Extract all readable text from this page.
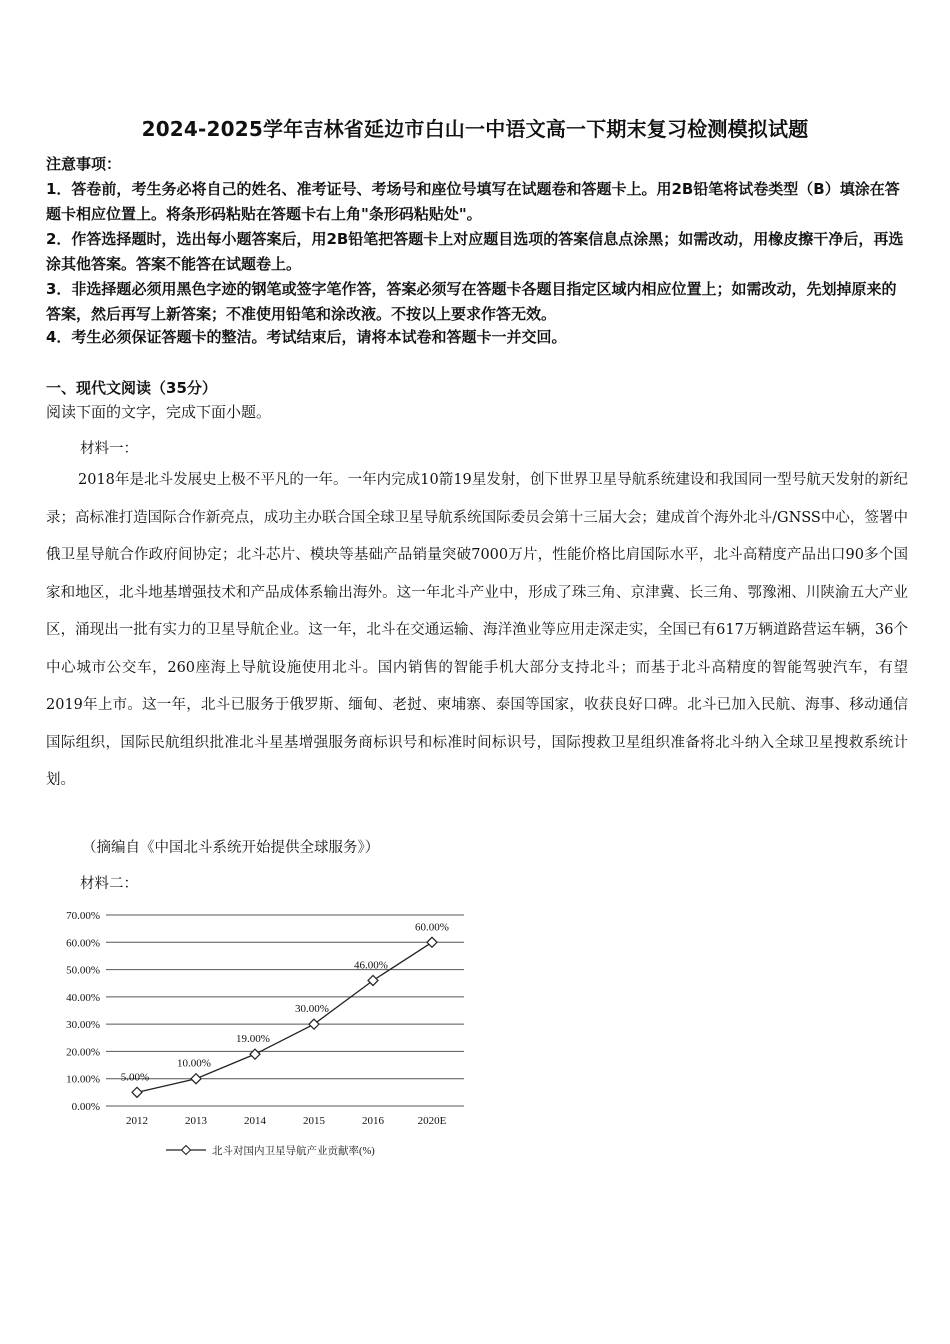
2024-2025学年吉林省延边市白山一中语文高一下期末复习检测模拟试题
注意事项：
1．答卷前，考生务必将自己的姓名、准考证号、考场号和座位号填写在试题卷和答题卡上。用2B铅笔将试卷类型（B）填涂在答题卡相应位置上。将条形码粘贴在答题卡右上角"条形码粘贴处"。
2．作答选择题时，选出每小题答案后，用2B铅笔把答题卡上对应题目选项的答案信息点涂黑；如需改动，用橡皮擦干净后，再选涂其他答案。答案不能答在试题卷上。
3．非选择题必须用黑色字迹的钢笔或签字笔作答，答案必须写在答题卡各题目指定区域内相应位置上；如需改动，先划掉原来的答案，然后再写上新答案；不准使用铅笔和涂改液。不按以上要求作答无效。
4．考生必须保证答题卡的整洁。考试结束后，请将本试卷和答题卡一并交回。
一、现代文阅读（35分）
阅读下面的文字，完成下面小题。
材料一：
2018年是北斗发展史上极不平凡的一年。一年内完成10箭19星发射，创下世界卫星导航系统建设和我国同一型号航天发射的新纪录；高标准打造国际合作新亮点，成功主办联合国全球卫星导航系统国际委员会第十三届大会；建成首个海外北斗/GNSS中心，签署中俄卫星导航合作政府间协定；北斗芯片、模块等基础产品销量突破7000万片，性能价格比肩国际水平，北斗高精度产品出口90多个国家和地区，北斗地基增强技术和产品成体系输出海外。这一年北斗产业中，形成了珠三角、京津冀、长三角、鄂豫湘、川陕渝五大产业区，涌现出一批有实力的卫星导航企业。这一年，北斗在交通运输、海洋渔业等应用走深走实，全国已有617万辆道路营运车辆，36个中心城市公交车，260座海上导航设施使用北斗。国内销售的智能手机大部分支持北斗；而基于北斗高精度的智能驾驶汽车，有望2019年上市。这一年，北斗已服务于俄罗斯、缅甸、老挝、柬埔寨、泰国等国家，收获良好口碑。北斗已加入民航、海事、移动通信国际组织，国际民航组织批准北斗星基增强服务商标识号和标准时间标识号，国际搜救卫星组织准备将北斗纳入全球卫星搜救系统计划。
（摘编自《中国北斗系统开始提供全球服务》）
材料二：
0.00%
10.00%
20.00%
30.00%
40.00%
50.00%
60.00%
70.00%
2012	2013	2014	2015	2016	2020E
5.00%
10.00%
19.00%
30.00%
46.00%
60.00%
北斗对国内卫星导航产业贡献率(%)
